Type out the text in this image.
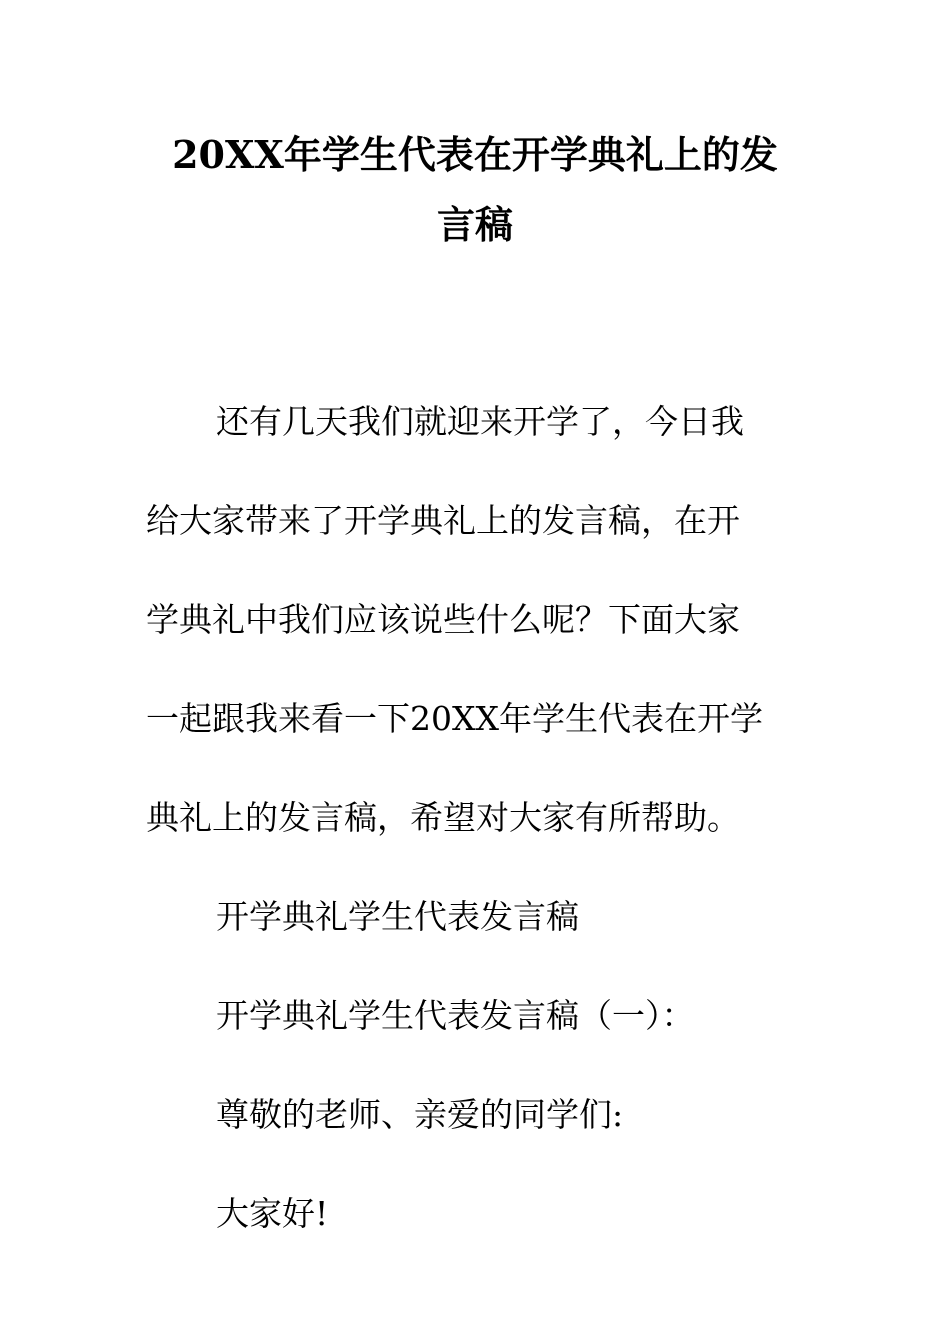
20XX年学生代表在开学典礼上的发
言稿
还有几天我们就迎来开学了，今日我
给大家带来了开学典礼上的发言稿，在开
学典礼中我们应该说些什么呢？下面大家
一起跟我来看一下20XX年学生代表在开学
典礼上的发言稿，希望对大家有所帮助。
开学典礼学生代表发言稿
开学典礼学生代表发言稿（一）：
尊敬的老师、亲爱的同学们:
大家好!
